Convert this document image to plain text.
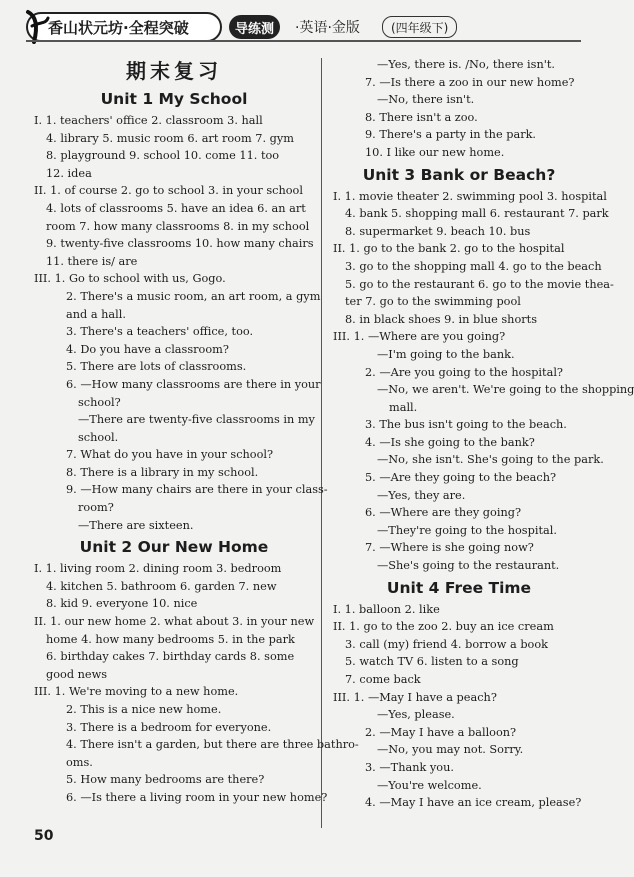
香山状元坊·全程突破	导练测	·英语·金版	(四年级下)
期末复习
Unit 1 My School
I. 1. teachers' office 2. classroom 3. hall
4. library 5. music room 6. art room 7. gym
8. playground 9. school 10. come 11. too
12. idea
II. 1. of course 2. go to school 3. in your school
4. lots of classrooms 5. have an idea 6. an art
room 7. how many classrooms 8. in my school
9. twenty-five classrooms 10. how many chairs
11. there is/ are
III. 1. Go to school with us, Gogo.
2. There's a music room, an art room, a gym
and a hall.
3. There's a teachers' office, too.
4. Do you have a classroom?
5. There are lots of classrooms.
6. —How many classrooms are there in your
school?
—There are twenty-five classrooms in my
school.
7. What do you have in your school?
8. There is a library in my school.
9. —How many chairs are there in your class-
room?
—There are sixteen.
Unit 2 Our New Home
I. 1. living room 2. dining room 3. bedroom
4. kitchen 5. bathroom 6. garden 7. new
8. kid 9. everyone 10. nice
II. 1. our new home 2. what about 3. in your new
home 4. how many bedrooms 5. in the park
6. birthday cakes 7. birthday cards 8. some
good news
III. 1. We're moving to a new home.
2. This is a nice new home.
3. There is a bedroom for everyone.
4. There isn't a garden, but there are three bathro-
oms.
5. How many bedrooms are there?
6. —Is there a living room in your new home?
—Yes, there is. /No, there isn't.
7. —Is there a zoo in our new home?
—No, there isn't.
8. There isn't a zoo.
9. There's a party in the park.
10. I like our new home.
Unit 3 Bank or Beach?
I. 1. movie theater 2. swimming pool 3. hospital
4. bank 5. shopping mall 6. restaurant 7. park
8. supermarket 9. beach 10. bus
II. 1. go to the bank 2. go to the hospital
3. go to the shopping mall 4. go to the beach
5. go to the restaurant 6. go to the movie thea-
ter 7. go to the swimming pool
8. in black shoes 9. in blue shorts
III. 1. —Where are you going?
—I'm going to the bank.
2. —Are you going to the hospital?
—No, we aren't. We're going to the shopping
mall.
3. The bus isn't going to the beach.
4. —Is she going to the bank?
—No, she isn't. She's going to the park.
5. —Are they going to the beach?
—Yes, they are.
6. —Where are they going?
—They're going to the hospital.
7. —Where is she going now?
—She's going to the restaurant.
Unit 4 Free Time
I. 1. balloon 2. like
II. 1. go to the zoo 2. buy an ice cream
3. call (my) friend 4. borrow a book
5. watch TV 6. listen to a song
7. come back
III. 1. —May I have a peach?
—Yes, please.
2. —May I have a balloon?
—No, you may not. Sorry.
3. —Thank you.
—You're welcome.
4. —May I have an ice cream, please?
50
